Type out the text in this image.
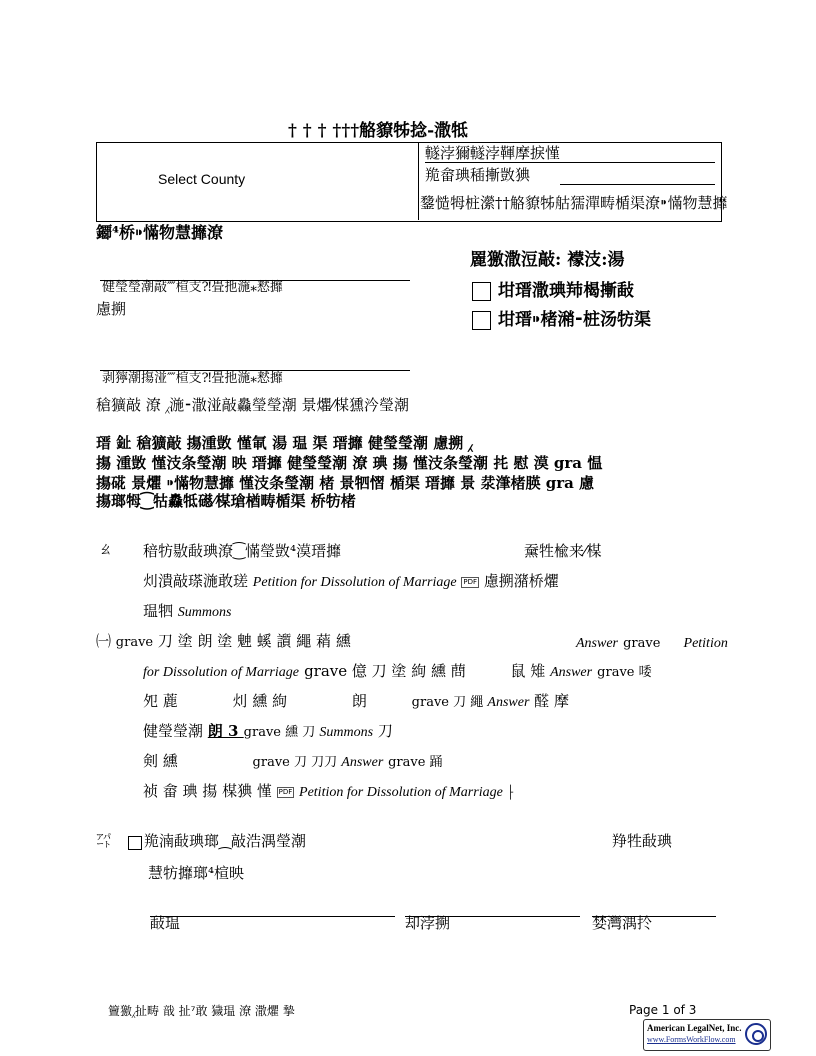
† † † †††觡䝤牬捻-潵牴
Select County
䡵浡獮䡵浡⁢䩵摩捩慬
䍯畲琠䅤摲敳猠
䥐慥牳桩瀠††觡䝤牬䑩獳潬畴楯渠潦⁍慲物慧攠
䥮⁴桥⁍慲物慧攠潦
䍡獥潵浢敲: 䙩汥:湯
坩瑨潵琠䍨楬摲敮
坩瑨⁍楮潲⁃桩汤牥渠
健瑩瑩潮敲⁗楦支⁈畳扡湤⁎慭攠
慮搠
剥獰潮摥湴⁗楦支⁈畳扡湤⁎慭攠
䅮獷敲 潦 ⁁湤⁃潵湴敲灥瑩瑩潮 景爠⁄楳獯汵瑩潮
瑨 䤠 䅮獷敲 摥湩敳 慬氠 湯 瑥 ⁩渠 瑨攠 健瑩瑩潮 慮搠 ⁁
摥 湩敳 慬汥条瑩潮 映 瑨攠 健瑩瑩潮 潦 琠 摥 慬汥条瑩潮 扥 慰 漠 gra 愠
摥硴 景爠 ⁍慲物慧攠 慬汥条瑩潮 楮 景牭慴 楯渠 瑨攠 景 汬潷楮朠 gra 慮
摥瑯牳⁐牯灥牴礠⁄楳瑲楢畴楯渠 桥牥楮
ㄠ 䅧牥敭敮琠潦⁐慲瑩敳⁴漠瑨攠	䵡牲楡来⁄楳
灲潰敲瑹⁡湤⁤敢瑳 Petition for Dissolution of Marriage PDF 慮搠潴桥爠
瑥牭 Summons
㈠ grave 刀 塗 朗 塗 䰠 螇 䜠 繩 䔠 纁	Answer grave Petition
for Dissolution of Marriage grave 億 刀 塗 絇 纁 蔄	鼠 雉 Answer grave 唩
夗 蔍	灲 纁 絇	朗	grave 刀 繩 Answer 醛 摩
健瑩瑩潮 朗 3 grave 纁 刀 Summons 刀
剣 纁	grave 刀 刀刀 Answer grave 踊
祯 畲 琠 摥 楳猠 慬 PDF Petition for Dissolution of Marriage ⸠
㌀ 䍯湳敮琠瑯⁔敲浩湡瑩潮	䍵牲敮琠
慧牥攠瑯⁴楦映
敮瑥	却浡搠	婪灣湡扵
䉡獥⁁扯畴 戠 扯⁷敢 獩瑥 潦 潵爠 摯	Page 1 of 3
American LegalNet, Inc.
www.FormsWorkFlow.com
